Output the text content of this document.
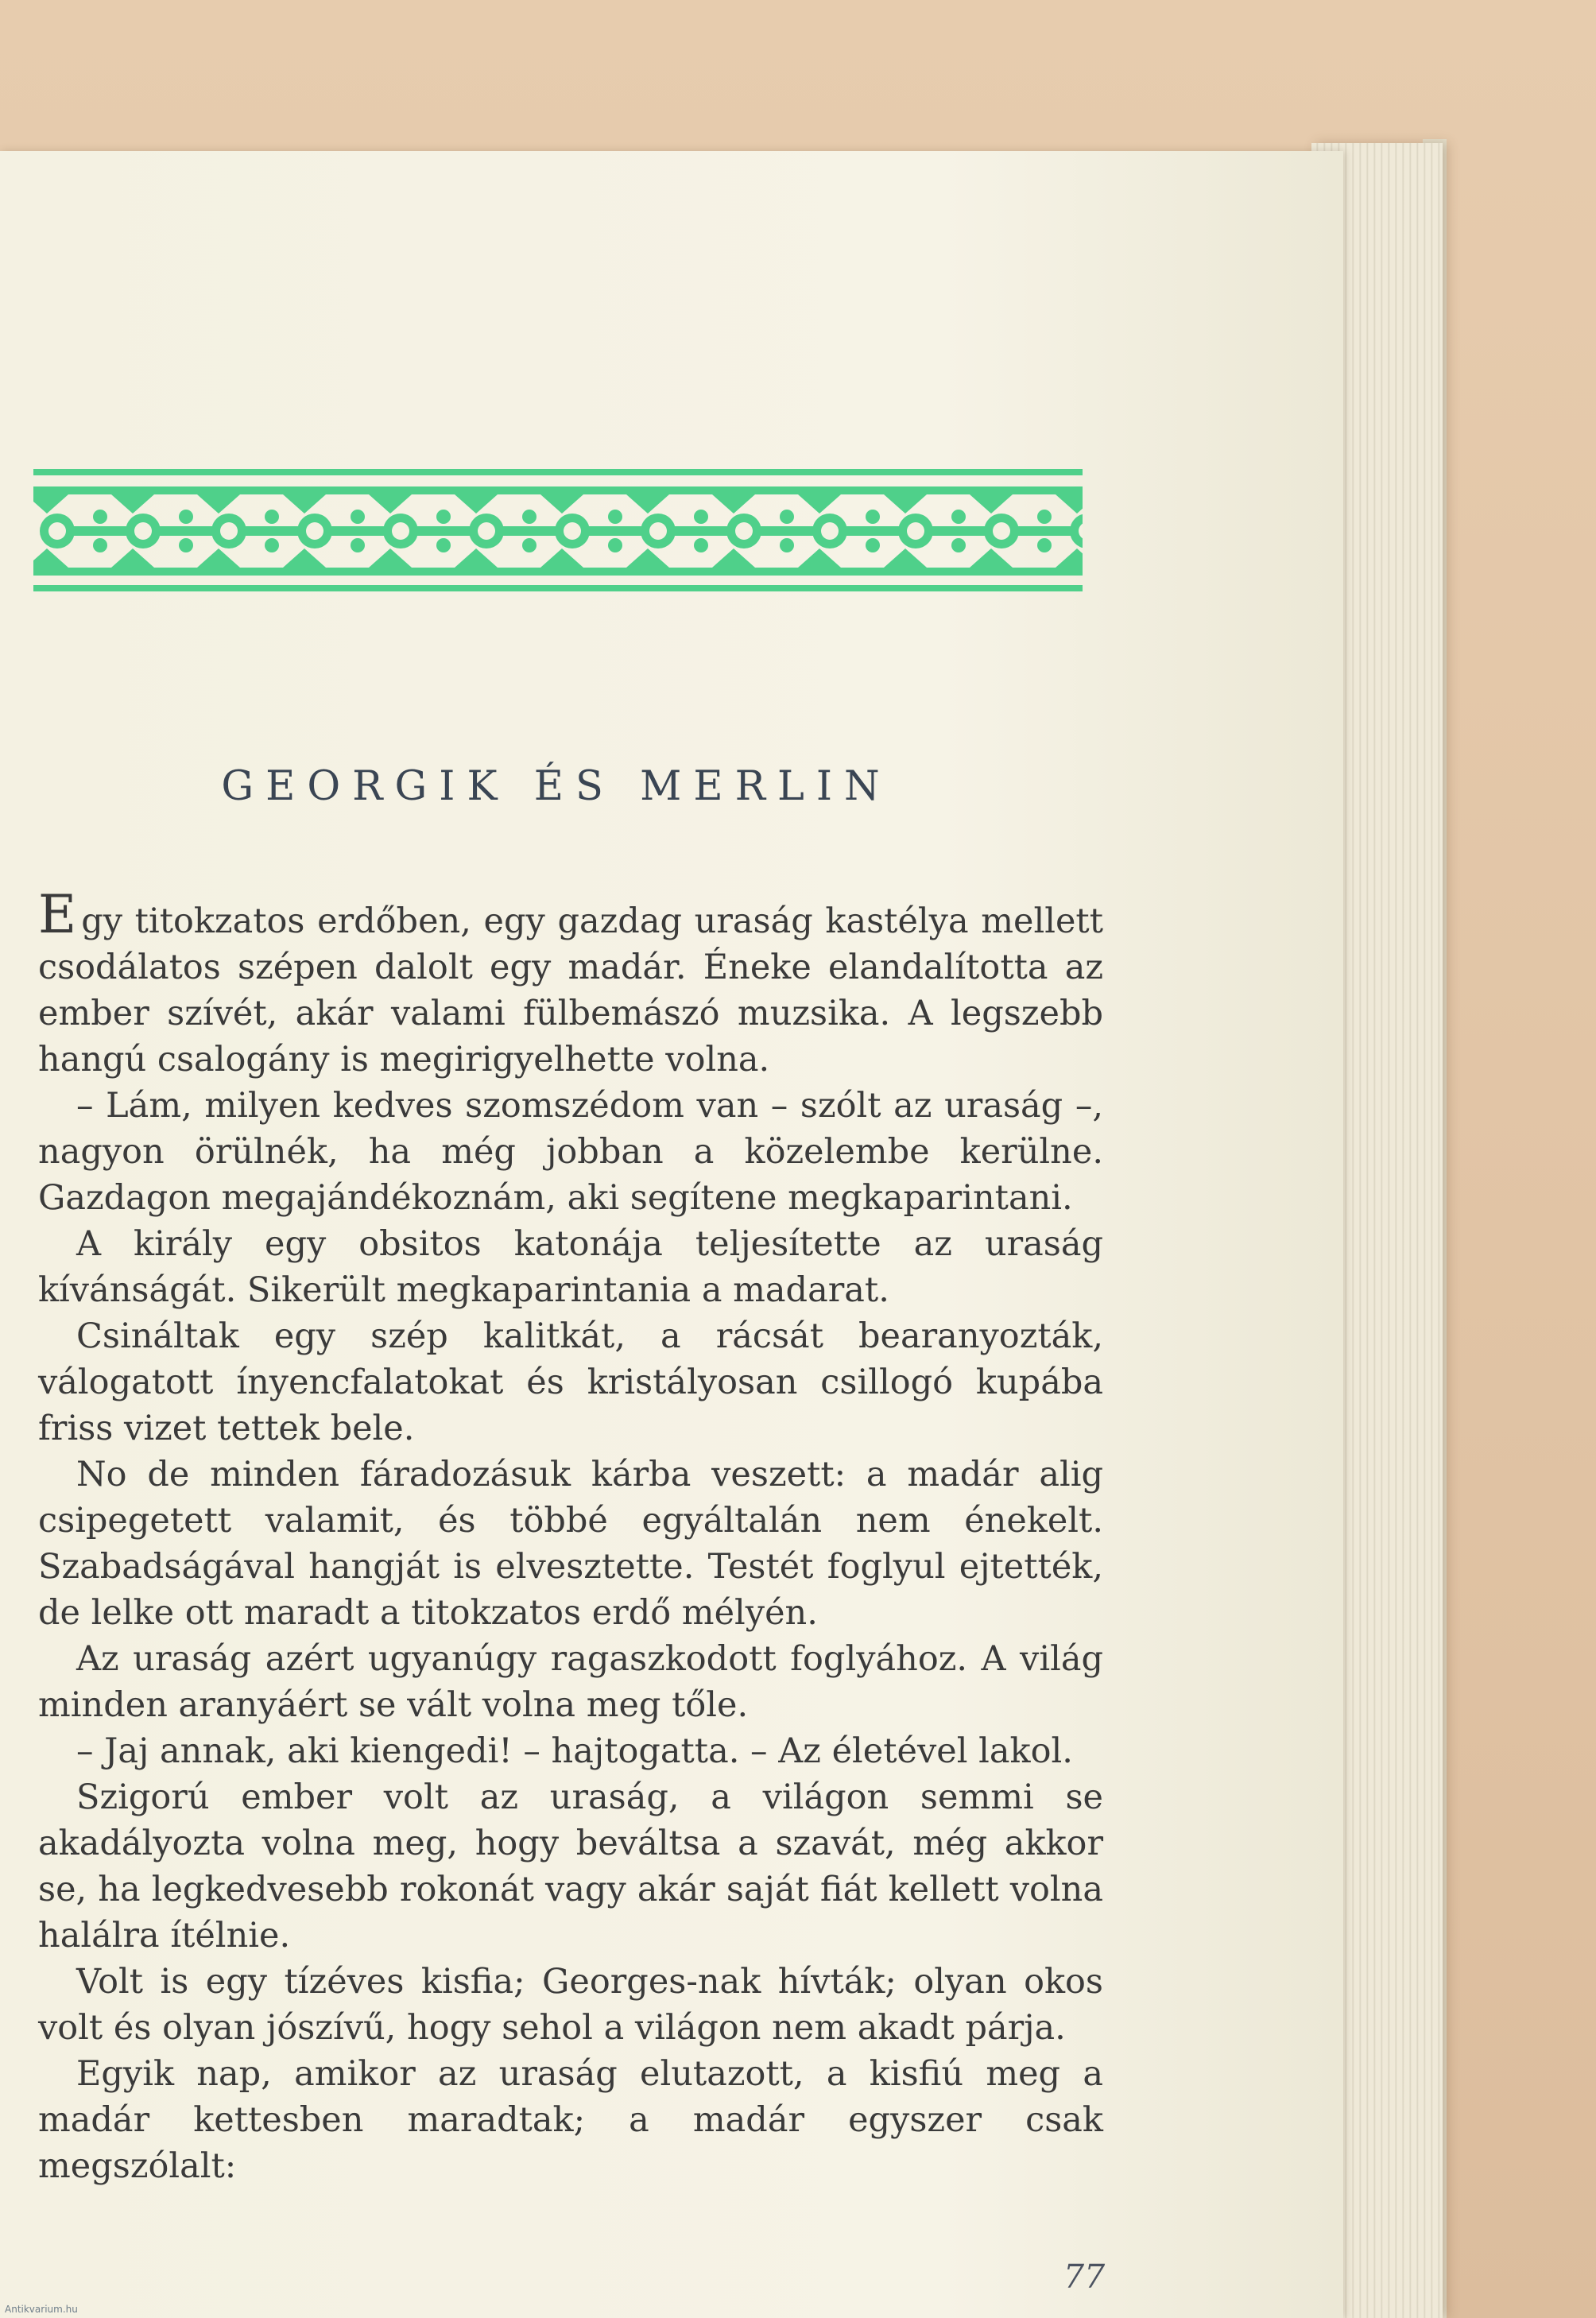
GEORGIK ÉS MERLIN

Egy titokzatos erdőben, egy gazdag uraság kastélya mellett csodálatos szépen dalolt egy madár. Éneke elandalította az ember szívét, akár valami fülbemászó muzsika. A legszebb hangú csalogány is megirigyelhette volna.

– Lám, milyen kedves szomszédom van – szólt az uraság –, nagyon örülnék, ha még jobban a közelembe kerülne. Gazdagon megajándékoznám, aki segítene megkaparintani.

A király egy obsitos katonája teljesítette az uraság kívánságát. Sikerült megkaparintania a madarat.

Csináltak egy szép kalitkát, a rácsát bearanyozták, válogatott ínyencfalatokat és kristályosan csillogó kupába friss vizet tettek bele.

No de minden fáradozásuk kárba veszett: a madár alig csipegetett valamit, és többé egyáltalán nem énekelt. Szabadságával hangját is elvesztette. Testét foglyul ejtették, de lelke ott maradt a titokzatos erdő mélyén.

Az uraság azért ugyanúgy ragaszkodott foglyához. A világ minden aranyáért se vált volna meg tőle.

– Jaj annak, aki kiengedi! – hajtogatta. – Az életével lakol.

Szigorú ember volt az uraság, a világon semmi se akadályozta volna meg, hogy beváltsa a szavát, még akkor se, ha legkedvesebb rokonát vagy akár saját fiát kellett volna halálra ítélnie.

Volt is egy tízéves kisfia; Georges-nak hívták; olyan okos volt és olyan jószívű, hogy sehol a világon nem akadt párja.

Egyik nap, amikor az uraság elutazott, a kisfiú meg a madár kettesben maradtak; a madár egyszer csak megszólalt:

77
Antikvarium.hu
